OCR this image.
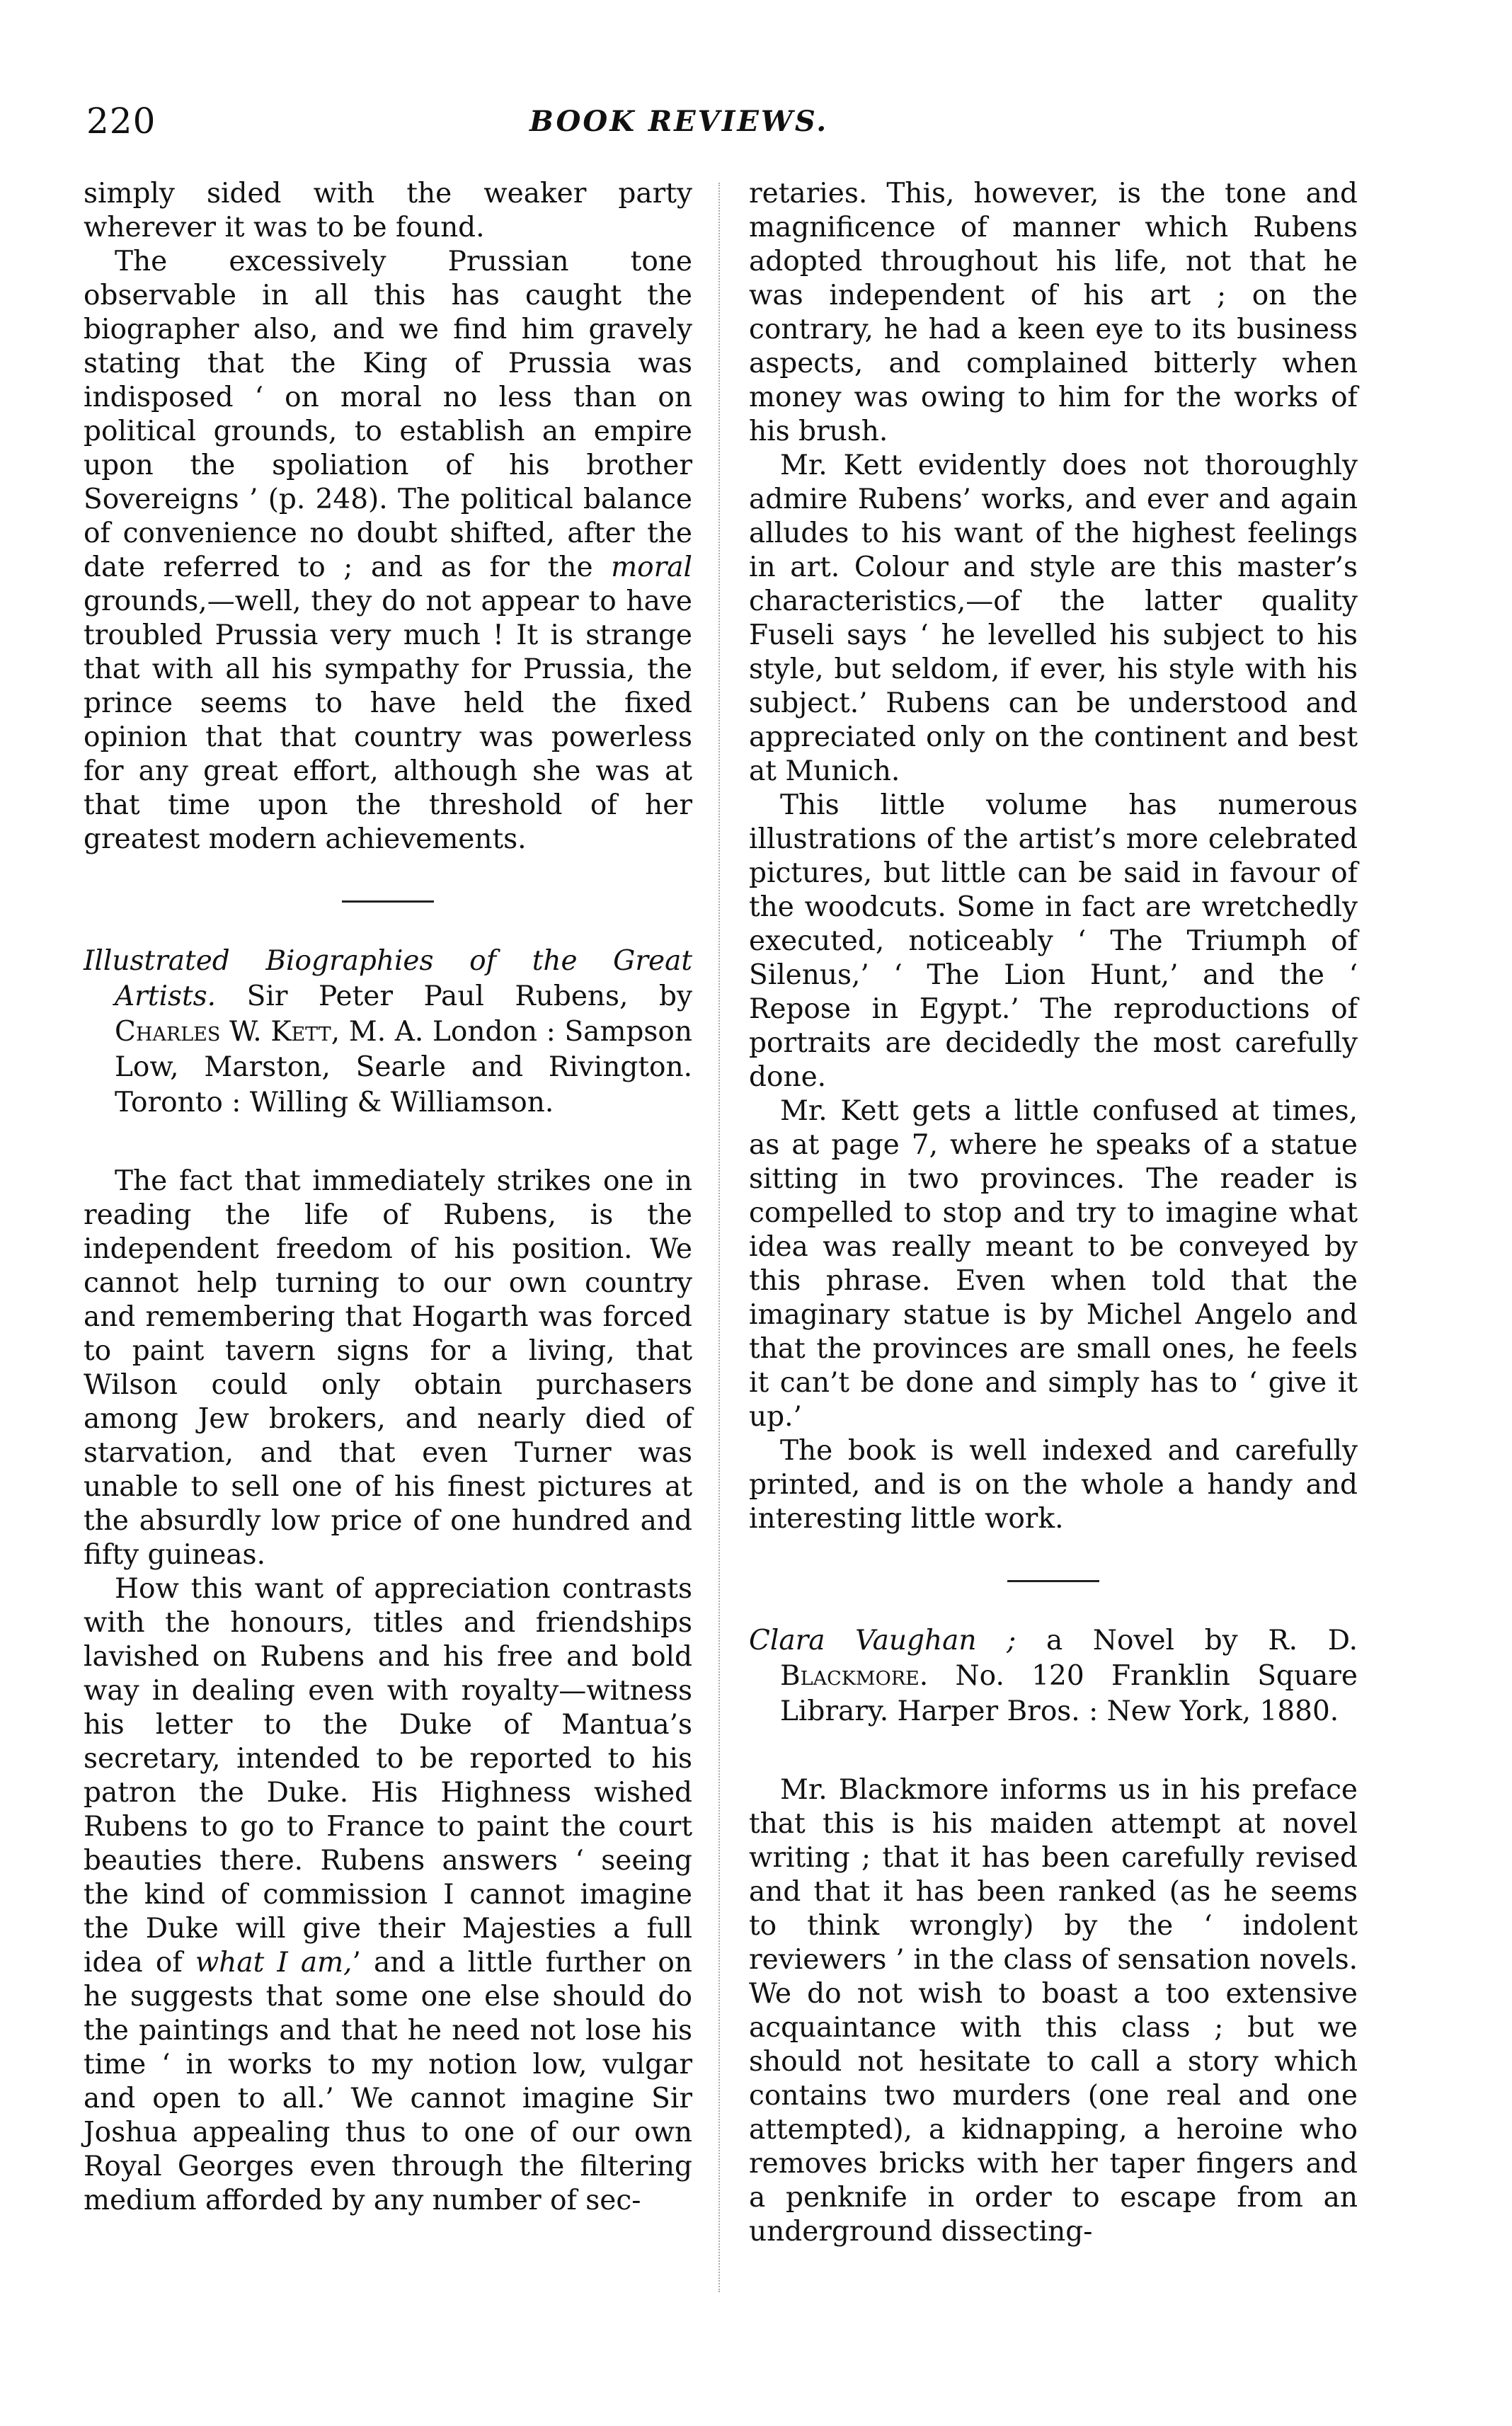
220	BOOK REVIEWS.

simply sided with the weaker party wherever it was to be found.

The excessively Prussian tone observable in all this has caught the biographer also, and we find him gravely stating that the King of Prussia was indisposed ‘ on moral no less than on political grounds, to establish an empire upon the spoliation of his brother Sovereigns ’ (p. 248). The political balance of convenience no doubt shifted, after the date referred to ; and as for the moral grounds,—well, they do not appear to have troubled Prussia very much ! It is strange that with all his sympathy for Prussia, the prince seems to have held the fixed opinion that that country was powerless for any great effort, although she was at that time upon the threshold of her greatest modern achievements.

Illustrated Biographies of the Great Artists. Sir Peter Paul Rubens, by Charles W. Kett, M. A. London : Sampson Low, Marston, Searle and Rivington. Toronto : Willing & Williamson.

The fact that immediately strikes one in reading the life of Rubens, is the independent freedom of his position. We cannot help turning to our own country and remembering that Hogarth was forced to paint tavern signs for a living, that Wilson could only obtain purchasers among Jew brokers, and nearly died of starvation, and that even Turner was unable to sell one of his finest pictures at the absurdly low price of one hundred and fifty guineas.

How this want of appreciation contrasts with the honours, titles and friendships lavished on Rubens and his free and bold way in dealing even with royalty—witness his letter to the Duke of Mantua’s secretary, intended to be reported to his patron the Duke. His Highness wished Rubens to go to France to paint the court beauties there. Rubens answers ‘ seeing the kind of commission I cannot imagine the Duke will give their Majesties a full idea of what I am,’ and a little further on he suggests that some one else should do the paintings and that he need not lose his time ‘ in works to my notion low, vulgar and open to all.’ We cannot imagine Sir Joshua appealing thus to one of our own Royal Georges even through the filtering medium afforded by any number of sec-

retaries. This, however, is the tone and magnificence of manner which Rubens adopted throughout his life, not that he was independent of his art ; on the contrary, he had a keen eye to its business aspects, and complained bitterly when money was owing to him for the works of his brush.

Mr. Kett evidently does not thoroughly admire Rubens’ works, and ever and again alludes to his want of the highest feelings in art. Colour and style are this master’s characteristics,—of the latter quality Fuseli says ‘ he levelled his subject to his style, but seldom, if ever, his style with his subject.’ Rubens can be understood and appreciated only on the continent and best at Munich.

This little volume has numerous illustrations of the artist’s more celebrated pictures, but little can be said in favour of the woodcuts. Some in fact are wretchedly executed, noticeably ‘ The Triumph of Silenus,’ ‘ The Lion Hunt,’ and the ‘ Repose in Egypt.’ The reproductions of portraits are decidedly the most carefully done.

Mr. Kett gets a little confused at times, as at page 7, where he speaks of a statue sitting in two provinces. The reader is compelled to stop and try to imagine what idea was really meant to be conveyed by this phrase. Even when told that the imaginary statue is by Michel Angelo and that the provinces are small ones, he feels it can’t be done and simply has to ‘ give it up.’

The book is well indexed and carefully printed, and is on the whole a handy and interesting little work.

Clara Vaughan ; a Novel by R. D. Blackmore. No. 120 Franklin Square Library. Harper Bros. : New York, 1880.

Mr. Blackmore informs us in his preface that this is his maiden attempt at novel writing ; that it has been carefully revised and that it has been ranked (as he seems to think wrongly) by the ‘ indolent reviewers ’ in the class of sensation novels. We do not wish to boast a too extensive acquaintance with this class ; but we should not hesitate to call a story which contains two murders (one real and one attempted), a kidnapping, a heroine who removes bricks with her taper fingers and a penknife in order to escape from an underground dissecting-
